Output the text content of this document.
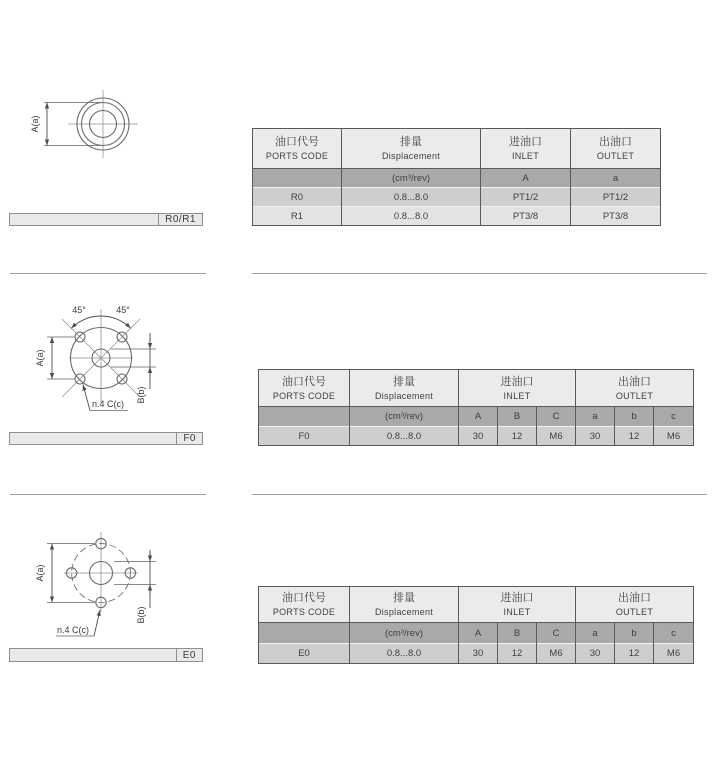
A(a)
R0/R1
油口代号
PORTS CODE

排量
Displacement

进油口
INLET

出油口
OUTLET

	(cm³/rev)	A	a
R0	0.8...8.0	PT1/2	PT1/2
R1	0.8...8.0	PT3/8	PT3/8
45°	45°
A(a)
B(b)
n.4 C(c)
F0
油口代号
PORTS CODE

排量
Displacement

进油口
INLET

出油口
OUTLET

	(cm³/rev)	A	B	C	a	b	c
F0	0.8...8.0	30	12	M6	30	12	M6
A(a)
B(b)
n.4 C(c)
E0
油口代号
PORTS CODE

排量
Displacement

进油口
INLET

出油口
OUTLET

	(cm³/rev)	A	B	C	a	b	c
E0	0.8...8.0	30	12	M6	30	12	M6
